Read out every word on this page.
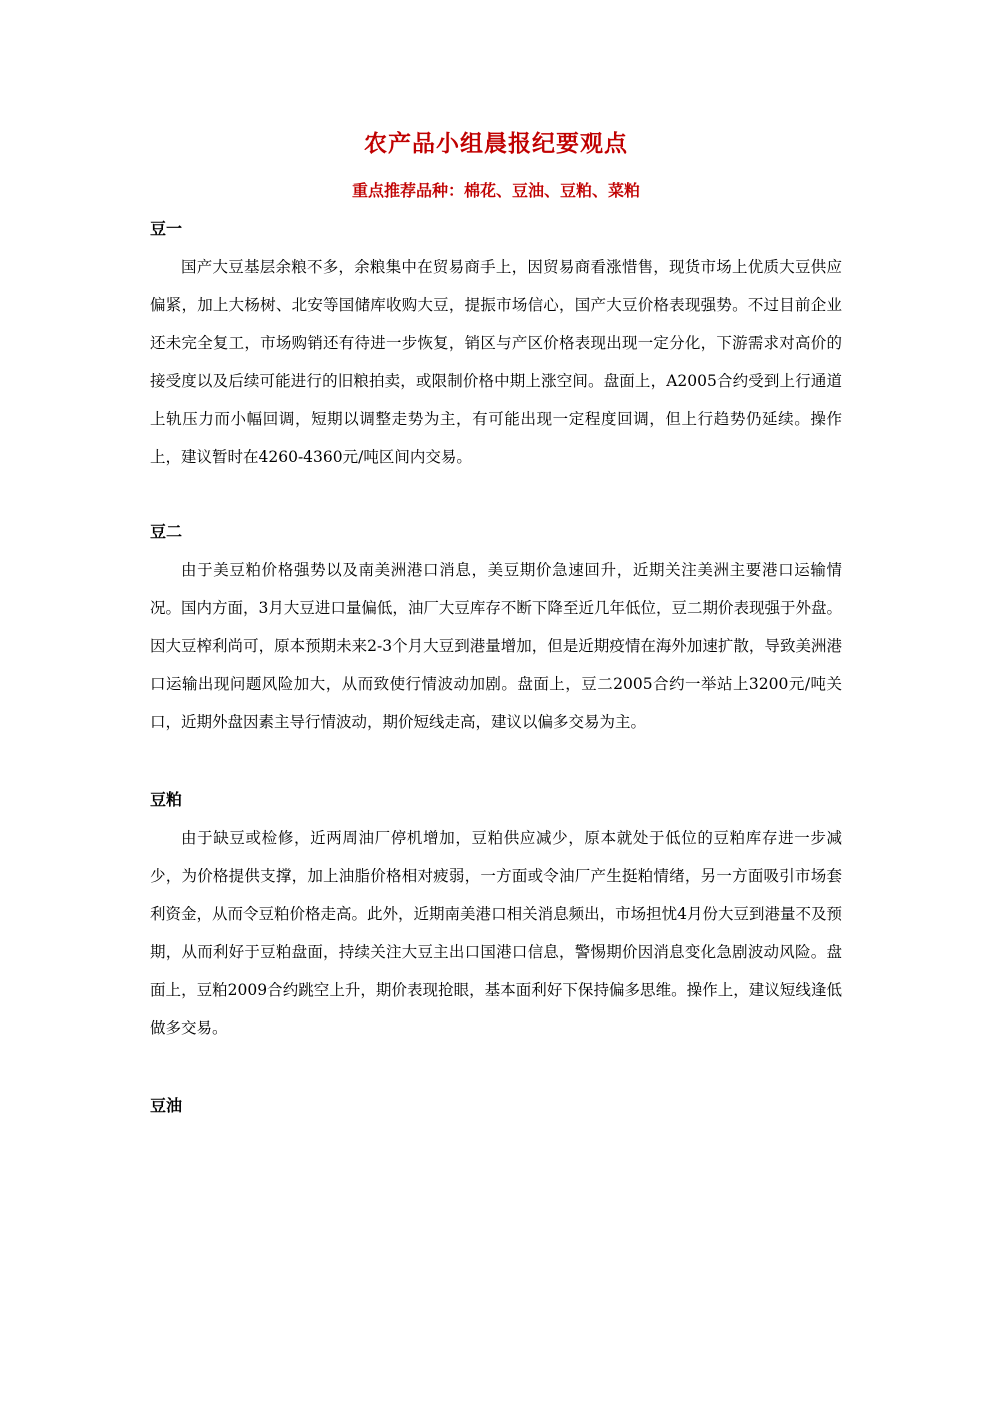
农产品小组晨报纪要观点
重点推荐品种：棉花、豆油、豆粕、菜粕
豆一

国产大豆基层余粮不多，余粮集中在贸易商手上，因贸易商看涨惜售，现货市场上优质大豆供应偏紧，加上大杨树、北安等国储库收购大豆，提振市场信心，国产大豆价格表现强势。不过目前企业还未完全复工，市场购销还有待进一步恢复，销区与产区价格表现出现一定分化，下游需求对高价的接受度以及后续可能进行的旧粮拍卖，或限制价格中期上涨空间。盘面上，A2005合约受到上行通道上轨压力而小幅回调，短期以调整走势为主，有可能出现一定程度回调，但上行趋势仍延续。操作上，建议暂时在4260-4360元/吨区间内交易。

豆二

由于美豆粕价格强势以及南美洲港口消息，美豆期价急速回升，近期关注美洲主要港口运输情况。国内方面，3月大豆进口量偏低，油厂大豆库存不断下降至近几年低位，豆二期价表现强于外盘。因大豆榨利尚可，原本预期未来2-3个月大豆到港量增加，但是近期疫情在海外加速扩散，导致美洲港口运输出现问题风险加大，从而致使行情波动加剧。盘面上，豆二2005合约一举站上3200元/吨关口，近期外盘因素主导行情波动，期价短线走高，建议以偏多交易为主。

豆粕

由于缺豆或检修，近两周油厂停机增加，豆粕供应减少，原本就处于低位的豆粕库存进一步减少，为价格提供支撑，加上油脂价格相对疲弱，一方面或令油厂产生挺粕情绪，另一方面吸引市场套利资金，从而令豆粕价格走高。此外，近期南美港口相关消息频出，市场担忧4月份大豆到港量不及预期，从而利好于豆粕盘面，持续关注大豆主出口国港口信息，警惕期价因消息变化急剧波动风险。盘面上，豆粕2009合约跳空上升，期价表现抢眼，基本面利好下保持偏多思维。操作上，建议短线逢低做多交易。

豆油
